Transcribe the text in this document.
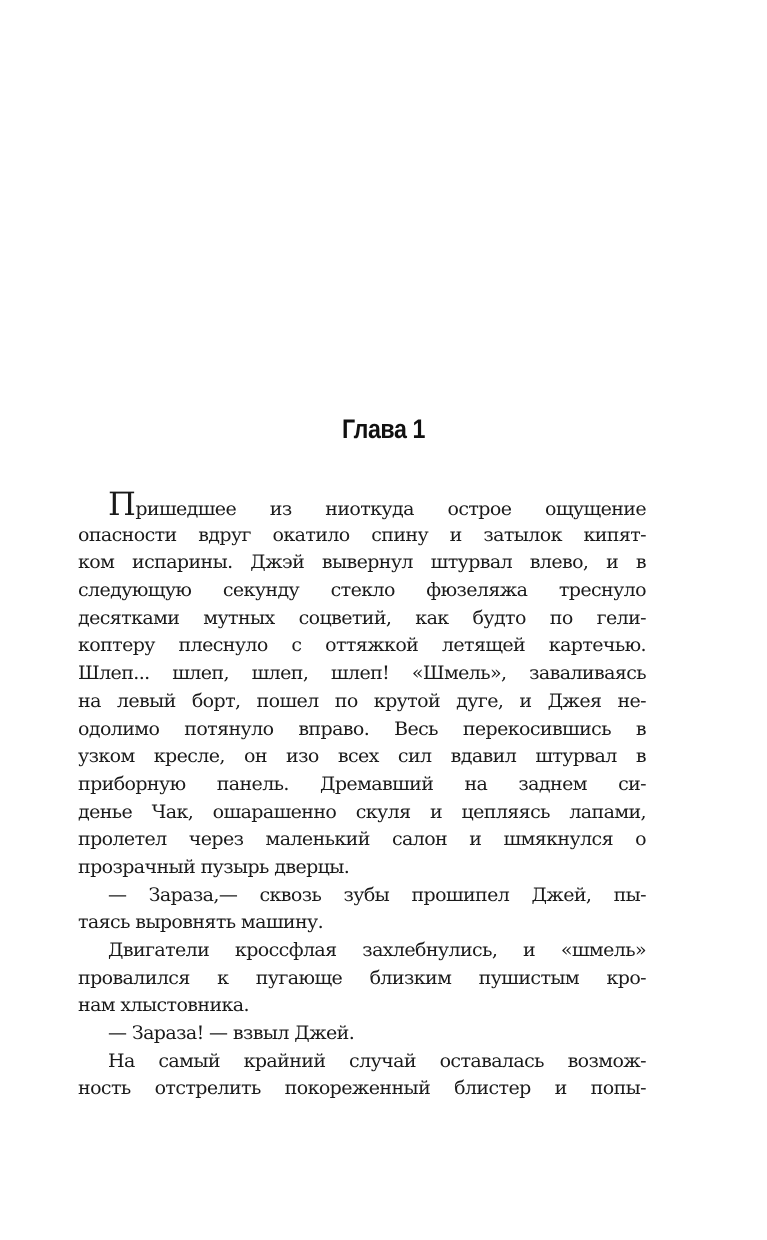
Глава 1
Пришедшее из ниоткуда острое ощущение
опасности вдруг окатило спину и затылок кипят-
ком испарины. Джэй вывернул штурвал влево, и в
следующую секунду стекло фюзеляжа треснуло
десятками мутных соцветий, как будто по гели-
коптеру плеснуло с оттяжкой летящей картечью.
Шлеп... шлеп, шлеп, шлеп! «Шмель», заваливаясь
на левый борт, пошел по крутой дуге, и Джея не-
одолимо потянуло вправо. Весь перекосившись в
узком кресле, он изо всех сил вдавил штурвал в
приборную панель. Дремавший на заднем си-
денье Чак, ошарашенно скуля и цепляясь лапами,
пролетел через маленький салон и шмякнулся о
прозрачный пузырь дверцы.
— Зараза,— сквозь зубы прошипел Джей, пы-
таясь выровнять машину.
Двигатели кроссфлая захлебнулись, и «шмель»
провалился к пугающе близким пушистым кро-
нам хлыстовника.
— Зараза! — взвыл Джей.
На самый крайний случай оставалась возмож-
ность отстрелить покореженный блистер и попы-
